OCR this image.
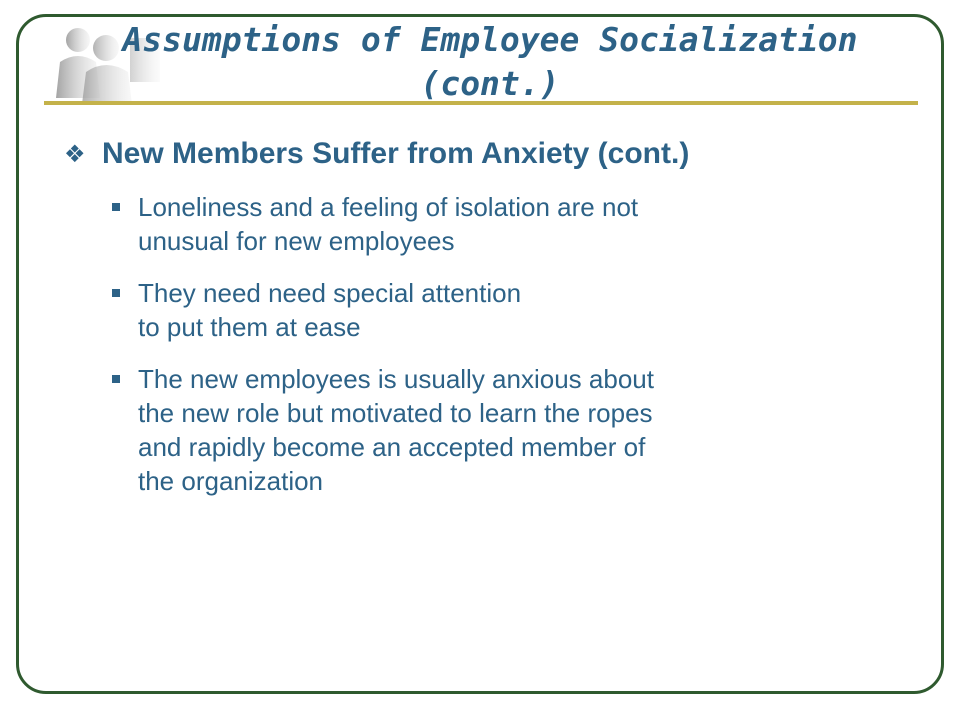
Assumptions of Employee Socialization
(cont.)

❖ New Members Suffer from Anxiety (cont.)

Loneliness and a feeling of isolation are not
unusual for new employees
They need need special attention
to put them at ease
The new employees is usually anxious about
the new role but motivated to learn the ropes
and rapidly become an accepted member of
the organization
